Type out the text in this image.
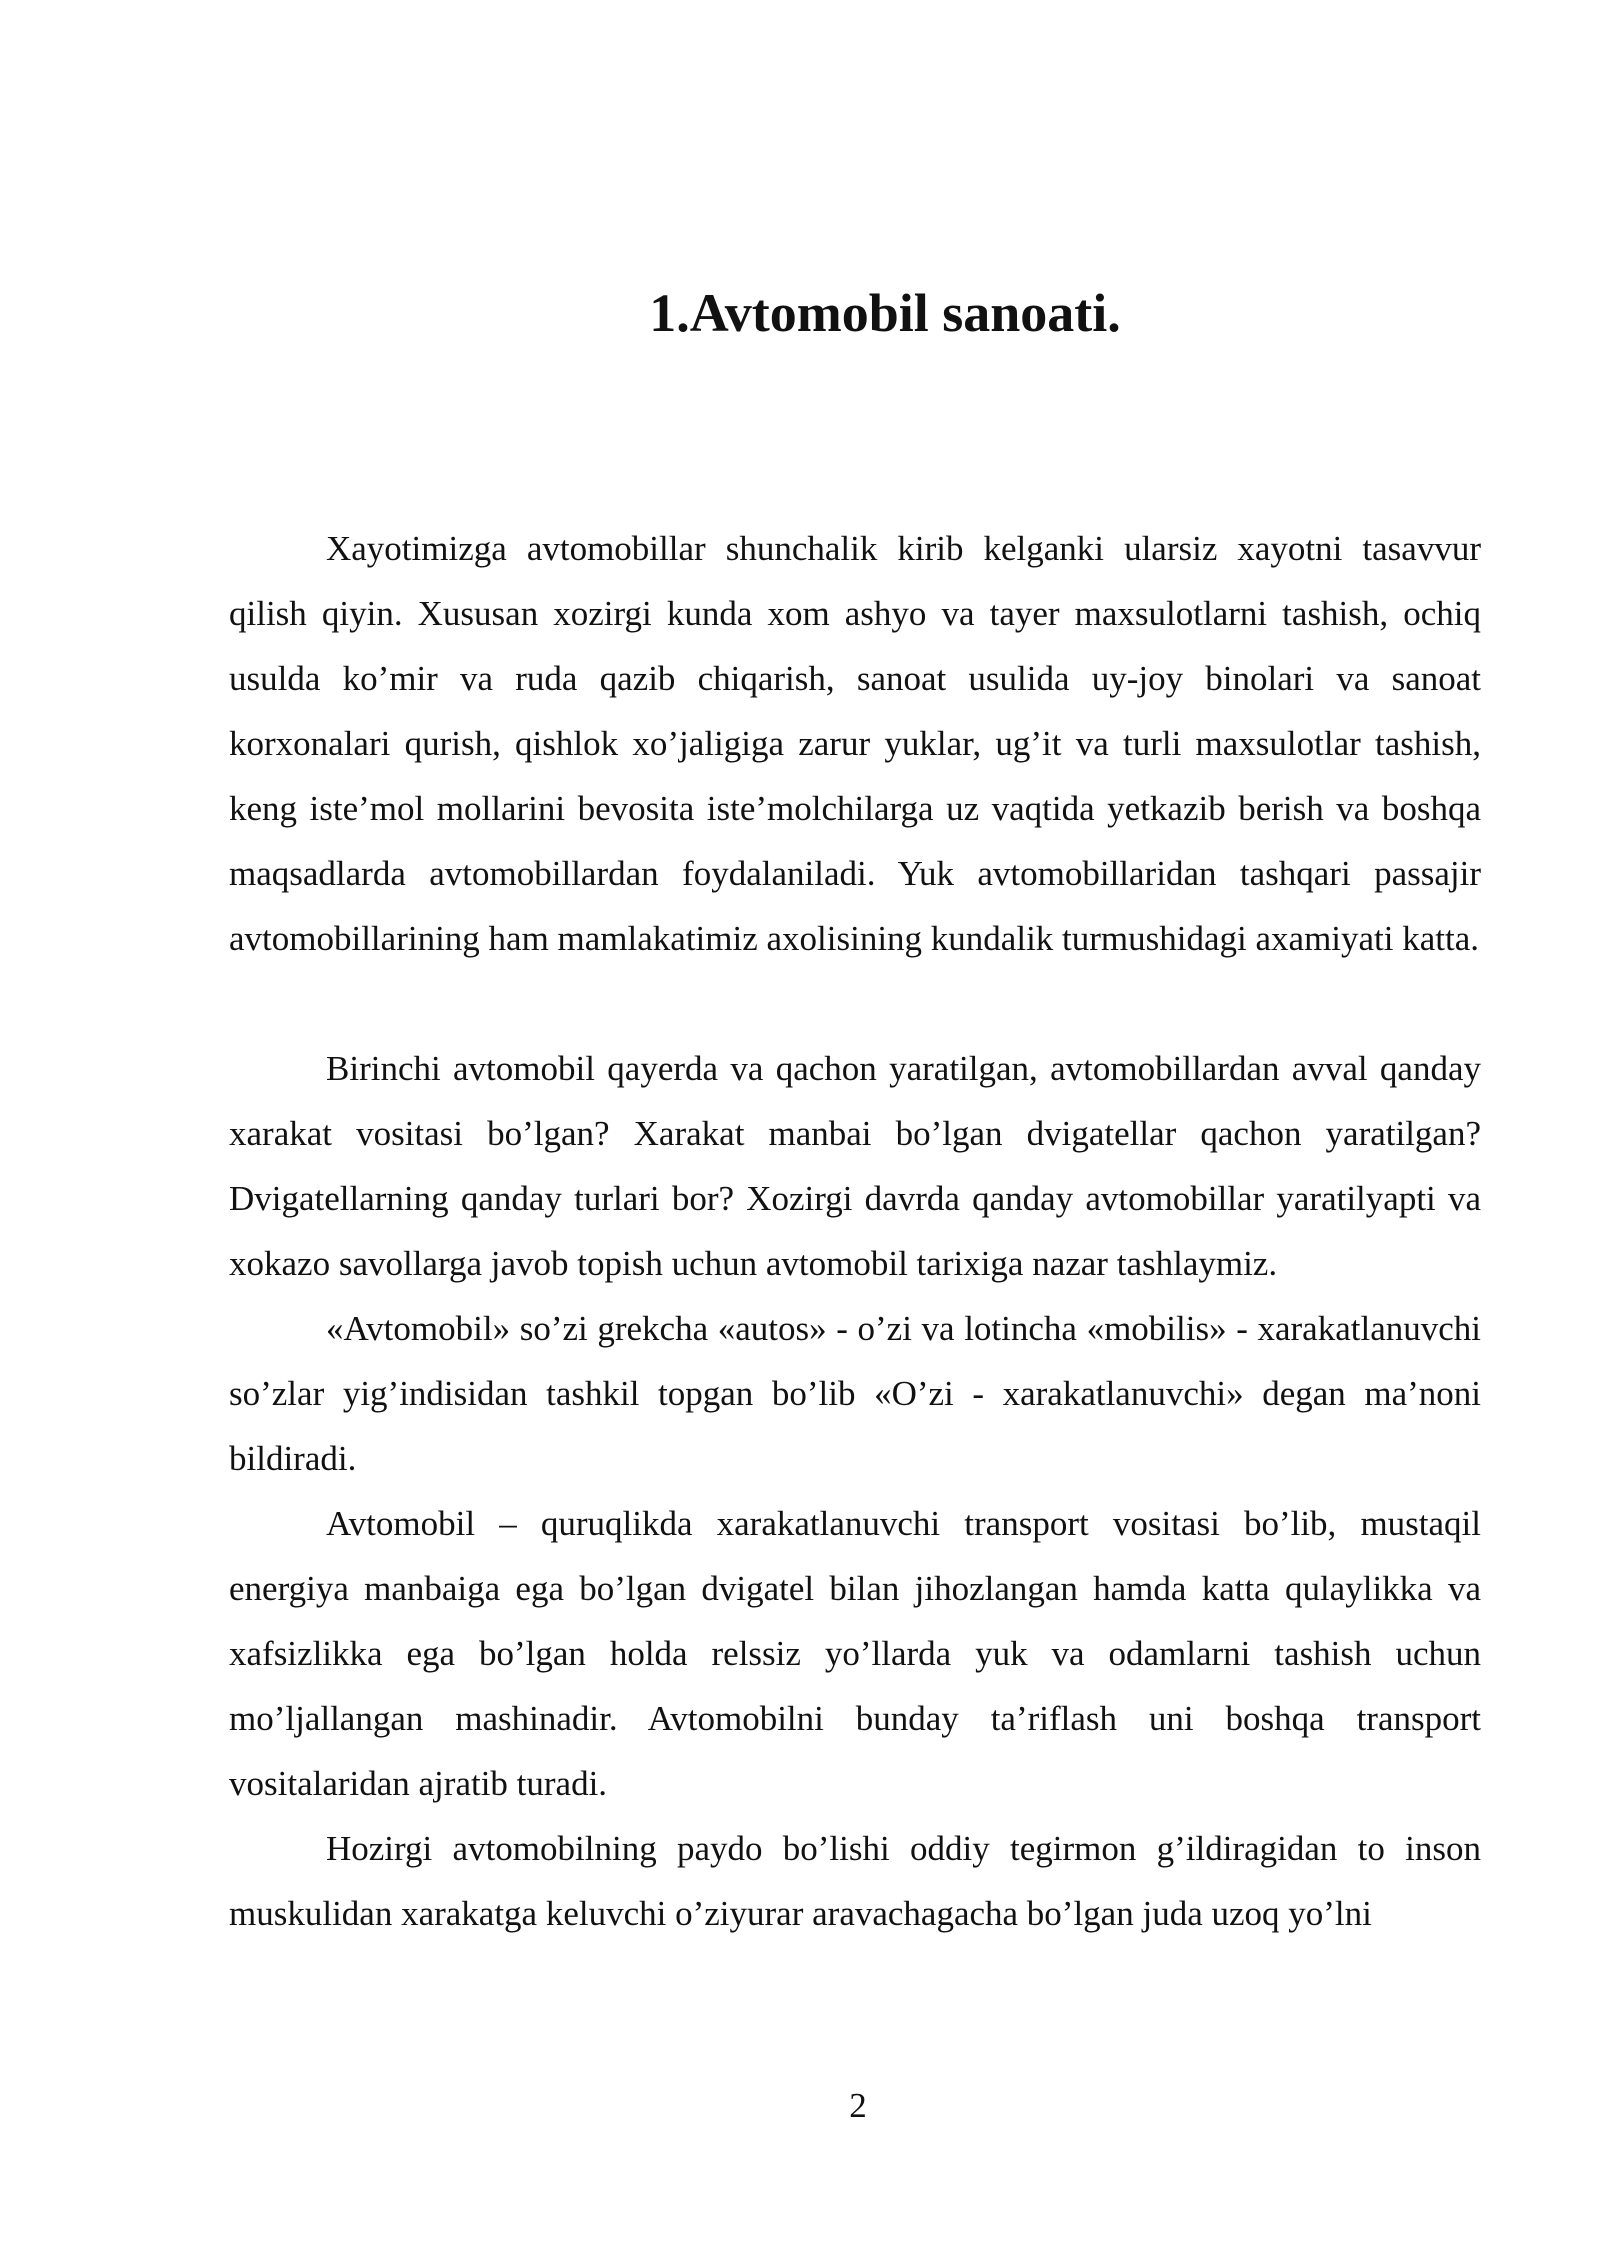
1.Avtomobil sanoati.

Xayotimizga avtomobillar shunchalik kirib kelganki ularsiz xayotni tasavvur qilish qiyin. Xususan xozirgi kunda xom ashyo va tayer maxsulotlarni tashish, ochiq usulda ko’mir va ruda qazib chiqarish, sanoat usulida uy-joy binolari va sanoat korxonalari qurish, qishlok xo’jaligiga zarur yuklar, ug’it va turli maxsulotlar tashish, keng iste’mol mollarini bevosita iste’molchilarga uz vaqtida yetkazib berish va boshqa maqsadlarda avtomobillardan foydalaniladi. Yuk avtomobillaridan tashqari passajir avtomobillarining ham mamlakatimiz axolisining kundalik turmushidagi axamiyati katta.

Birinchi avtomobil qayerda va qachon yaratilgan, avtomobillardan avval qanday xarakat vositasi bo’lgan? Xarakat manbai bo’lgan dvigatellar qachon yaratilgan? Dvigatellarning qanday turlari bor? Xozirgi davrda qanday avtomobillar yaratilyapti va xokazo savollarga javob topish uchun avtomobil tarixiga nazar tashlaymiz.

«Avtomobil» so’zi grekcha «autos» - o’zi va lotincha «mobilis» - xarakatlanuvchi so’zlar yig’indisidan tashkil topgan bo’lib «O’zi - xarakatlanuvchi» degan ma’noni bildiradi.

Avtomobil – quruqlikda xarakatlanuvchi transport vositasi bo’lib, mustaqil energiya manbaiga ega bo’lgan dvigatel bilan jihozlangan hamda katta qulaylikka va xafsizlikka ega bo’lgan holda relssiz yo’llarda yuk va odamlarni tashish uchun mo’ljallangan mashinadir. Avtomobilni bunday ta’riflash uni boshqa transport vositalaridan ajratib turadi.

Hozirgi avtomobilning paydo bo’lishi oddiy tegirmon g’ildiragidan to inson muskulidan xarakatga keluvchi o’ziyurar aravachagacha bo’lgan juda uzoq yo’lni

2
